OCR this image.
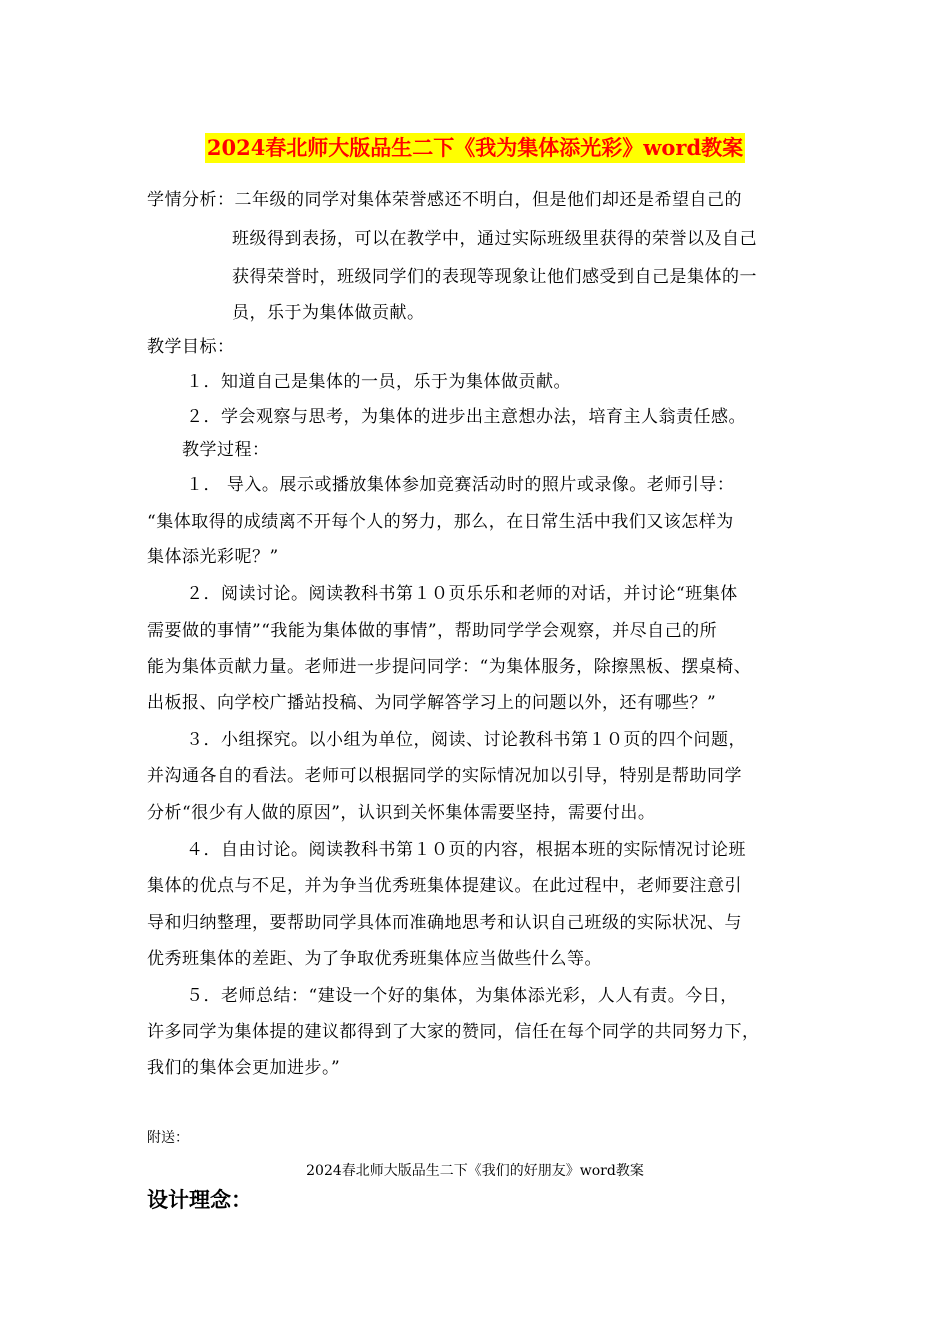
2024春北师大版品生二下《我为集体添光彩》word教案
学情分析：二年级的同学对集体荣誉感还不明白，但是他们却还是希望自己的
班级得到表扬，可以在教学中，通过实际班级里获得的荣誉以及自己
获得荣誉时，班级同学们的表现等现象让他们感受到自己是集体的一
员，乐于为集体做贡献。
教学目标：
１．知道自己是集体的一员，乐于为集体做贡献。
２．学会观察与思考，为集体的进步出主意想办法，培育主人翁责任感。
教学过程：
１． 导入。展示或播放集体参加竞赛活动时的照片或录像。老师引导：
“集体取得的成绩离不开每个人的努力，那么，在日常生活中我们又该怎样为
集体添光彩呢？”
２．阅读讨论。阅读教科书第１０页乐乐和老师的对话，并讨论“班集体
需要做的事情”“我能为集体做的事情”，帮助同学学会观察，并尽自己的所
能为集体贡献力量。老师进一步提问同学：“为集体服务，除擦黑板、摆桌椅、
出板报、向学校广播站投稿、为同学解答学习上的问题以外，还有哪些？”
３．小组探究。以小组为单位，阅读、讨论教科书第１０页的四个问题，
并沟通各自的看法。老师可以根据同学的实际情况加以引导，特别是帮助同学
分析“很少有人做的原因”，认识到关怀集体需要坚持，需要付出。
４．自由讨论。阅读教科书第１０页的内容，根据本班的实际情况讨论班
集体的优点与不足，并为争当优秀班集体提建议。在此过程中，老师要注意引
导和归纳整理，要帮助同学具体而准确地思考和认识自己班级的实际状况、与
优秀班集体的差距、为了争取优秀班集体应当做些什么等。
５．老师总结：“建设一个好的集体，为集体添光彩，人人有责。今日，
许多同学为集体提的建议都得到了大家的赞同，信任在每个同学的共同努力下，
我们的集体会更加进步。”
附送：
2024春北师大版品生二下《我们的好朋友》word教案
设计理念：
